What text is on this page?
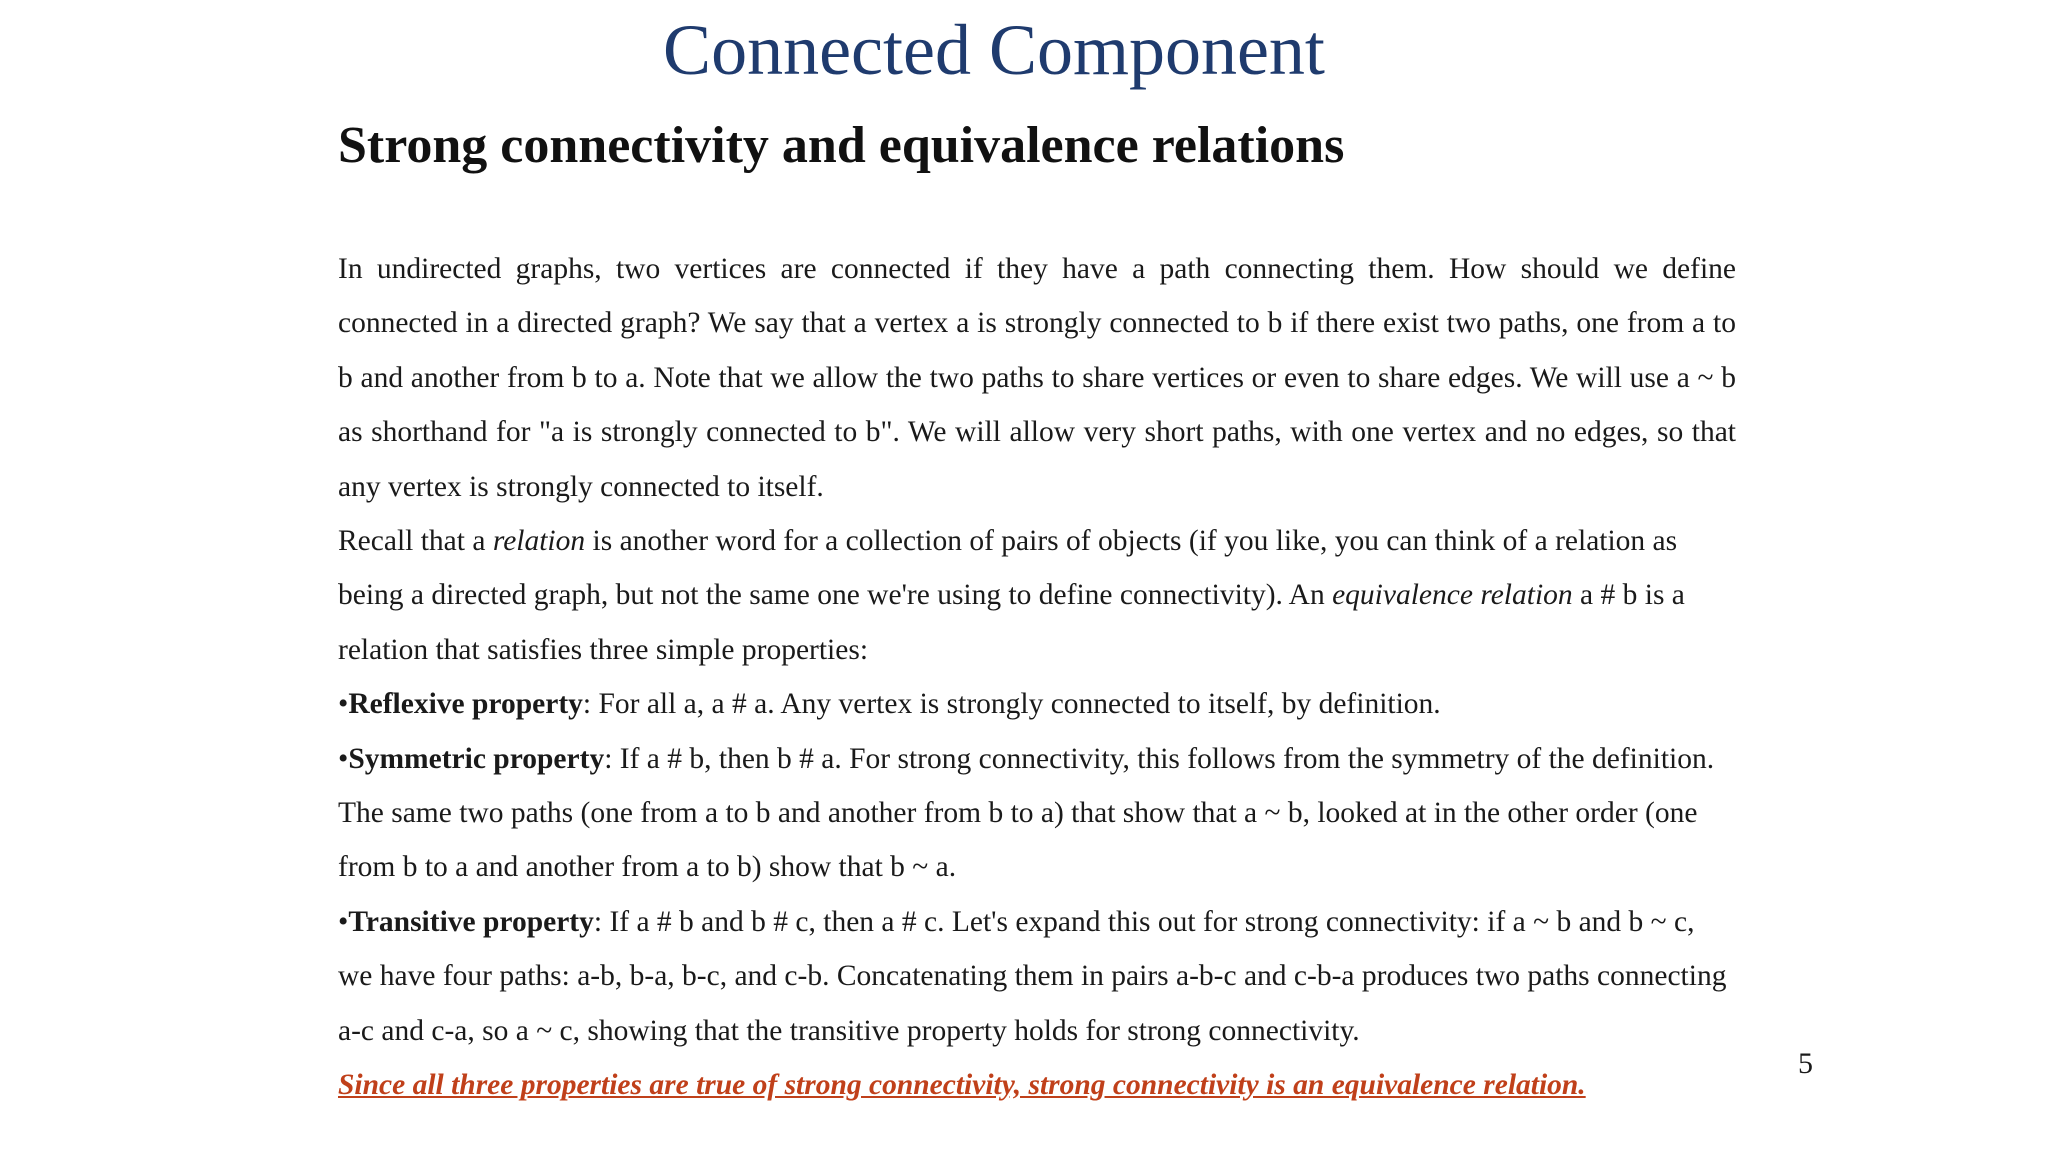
Connected Component
Strong connectivity and equivalence relations

In undirected graphs, two vertices are connected if they have a path connecting them. How should we define connected in a directed graph? We say that a vertex a is strongly connected to b if there exist two paths, one from a to b and another from b to a. Note that we allow the two paths to share vertices or even to share edges. We will use a ~ b as shorthand for "a is strongly connected to b". We will allow very short paths, with one vertex and no edges, so that any vertex is strongly connected to itself.

Recall that a relation is another word for a collection of pairs of objects (if you like, you can think of a relation as being a directed graph, but not the same one we're using to define connectivity). An equivalence relation a # b is a relation that satisfies three simple properties:

•Reflexive property: For all a, a # a. Any vertex is strongly connected to itself, by definition.

•Symmetric property: If a # b, then b # a. For strong connectivity, this follows from the symmetry of the definition. The same two paths (one from a to b and another from b to a) that show that a ~ b, looked at in the other order (one from b to a and another from a to b) show that b ~ a.

•Transitive property: If a # b and b # c, then a # c. Let's expand this out for strong connectivity: if a ~ b and b ~ c, we have four paths: a-b, b-a, b-c, and c-b. Concatenating them in pairs a-b-c and c-b-a produces two paths connecting a-c and c-a, so a ~ c, showing that the transitive property holds for strong connectivity.

Since all three properties are true of strong connectivity, strong connectivity is an equivalence relation.

5
